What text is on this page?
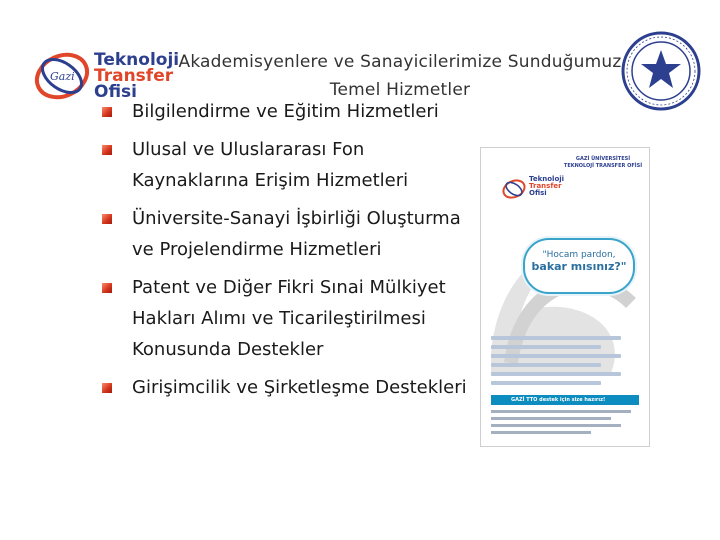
Gazi
Teknoloji
Transfer
Ofisi
Akademisyenlere ve Sanayicilerimize Sunduğumuz
Temel Hizmetler
Bilgilendirme ve Eğitim Hizmetleri
Ulusal ve Uluslararası Fon Kaynaklarına Erişim Hizmetleri
Üniversite‐Sanayi İşbirliği Oluşturma ve Projelendirme Hizmetleri
Patent ve Diğer Fikri Sınai Mülkiyet Hakları Alımı ve Ticarileştirilmesi Konusunda Destekler
Girişimcilik ve Şirketleşme Destekleri
GAZİ ÜNİVERSİTESİ
TEKNOLOJİ TRANSFER OFİSİ
Teknoloji
Transfer
Ofisi
"Hocam pardon,
bakar mısınız?"
GAZİ TTO destek için size hazırız!
